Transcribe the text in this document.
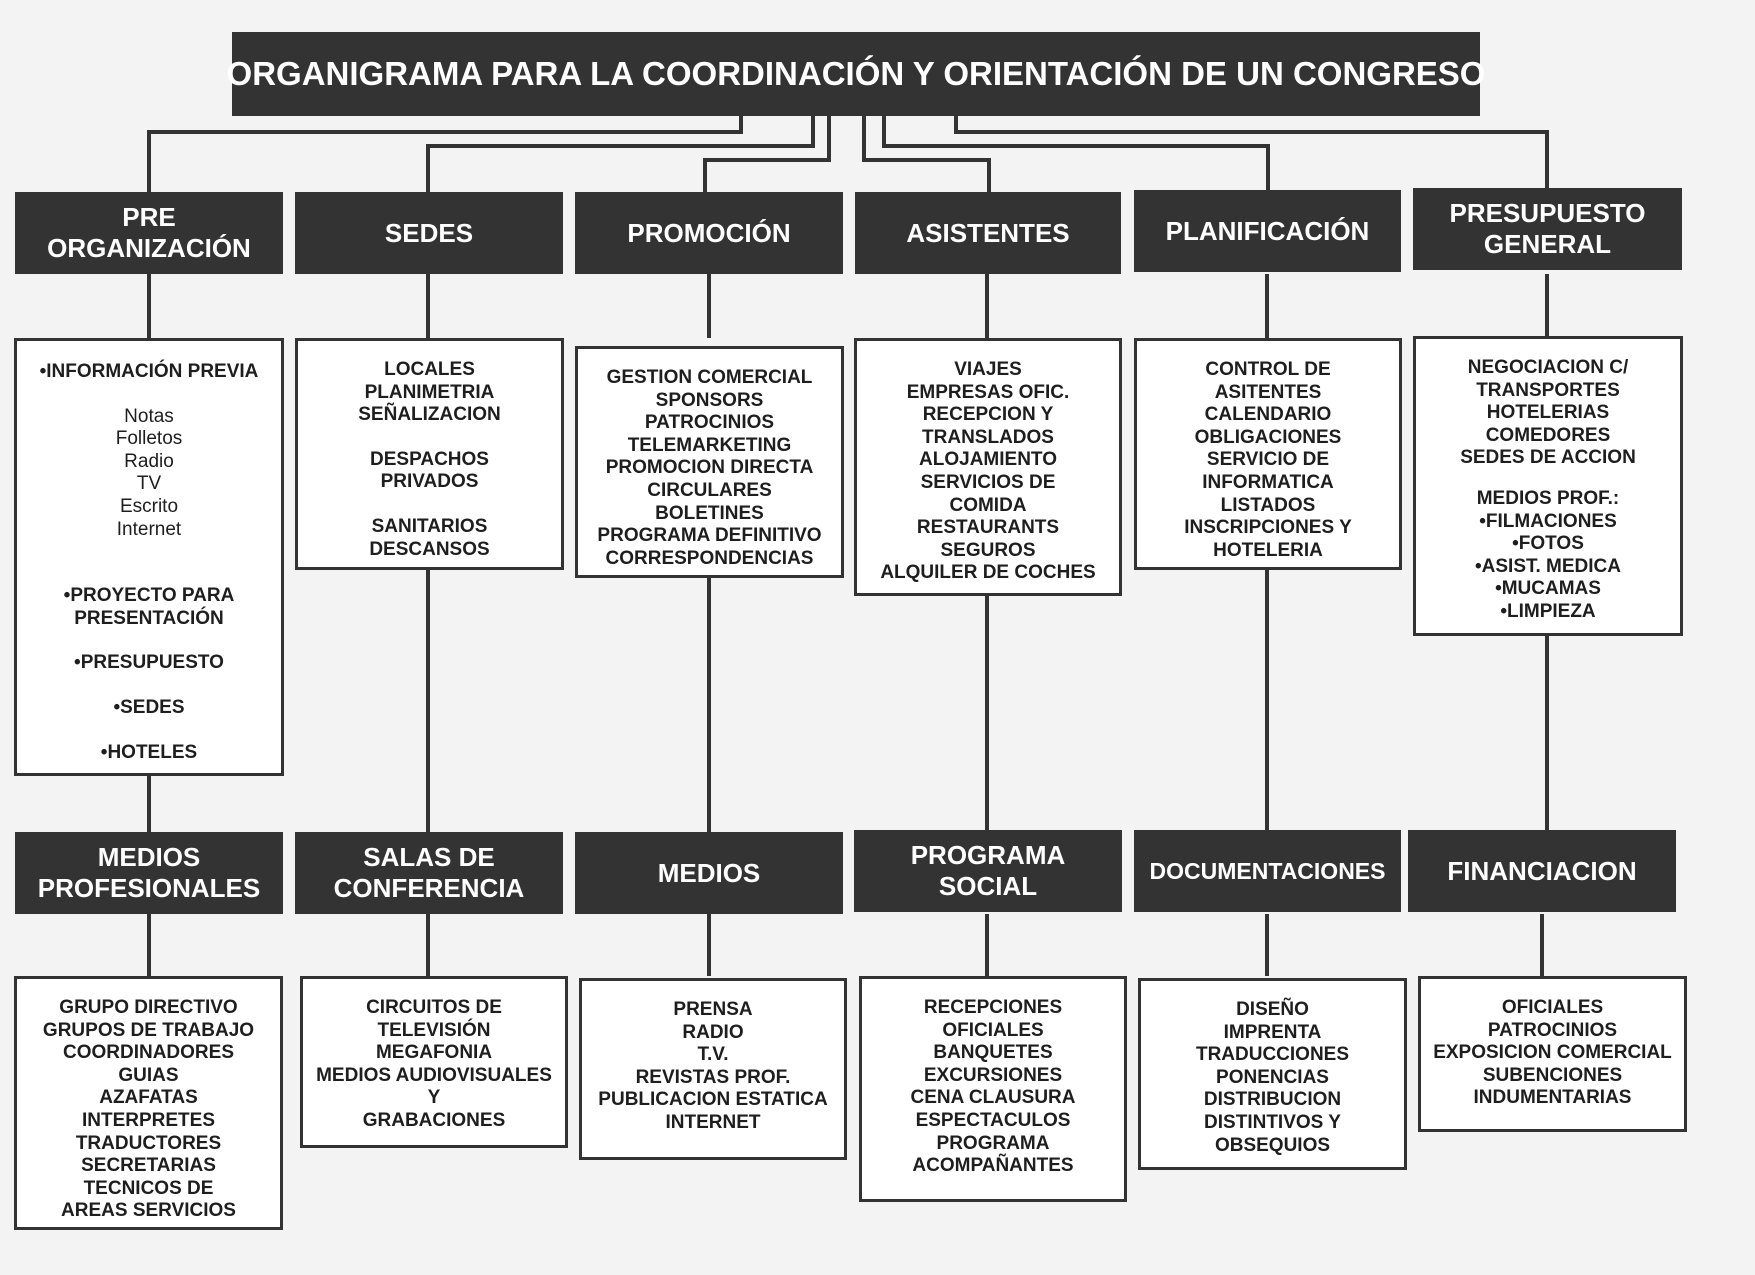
ORGANIGRAMA PARA LA COORDINACIÓN Y ORIENTACIÓN DE UN CONGRESO
PRE
ORGANIZACIÓN
SEDES	PROMOCIÓN	ASISTENTES	PLANIFICACIÓN
PRESUPUESTO
GENERAL
•INFORMACIÓN PREVIA
Notas
Folletos
Radio
TV
Escrito
Internet
•PROYECTO PARA
PRESENTACIÓN
•PRESUPUESTO
•SEDES
•HOTELES
LOCALES
PLANIMETRIA
SEÑALIZACION
DESPACHOS
PRIVADOS
SANITARIOS
DESCANSOS
GESTION COMERCIAL
SPONSORS
PATROCINIOS
TELEMARKETING
PROMOCION DIRECTA
CIRCULARES
BOLETINES
PROGRAMA DEFINITIVO
CORRESPONDENCIAS
VIAJES
EMPRESAS OFIC.
RECEPCION Y
TRANSLADOS
ALOJAMIENTO
SERVICIOS DE
COMIDA
RESTAURANTS
SEGUROS
ALQUILER DE COCHES
CONTROL DE
ASITENTES
CALENDARIO
OBLIGACIONES
SERVICIO DE
INFORMATICA
LISTADOS
INSCRIPCIONES Y
HOTELERIA
NEGOCIACION C/
TRANSPORTES
HOTELERIAS
COMEDORES
SEDES DE ACCION
MEDIOS PROF.:
•FILMACIONES
•FOTOS
•ASIST. MEDICA
•MUCAMAS
•LIMPIEZA
MEDIOS
PROFESIONALES
SALAS DE
CONFERENCIA
MEDIOS
PROGRAMA
SOCIAL
DOCUMENTACIONES FINANCIACION
GRUPO DIRECTIVO
GRUPOS DE TRABAJO
COORDINADORES
GUIAS
AZAFATAS
INTERPRETES
TRADUCTORES
SECRETARIAS
TECNICOS DE
AREAS SERVICIOS
CIRCUITOS DE
TELEVISIÓN
MEGAFONIA
MEDIOS AUDIOVISUALES
Y
GRABACIONES
PRENSA
RADIO
T.V.
REVISTAS PROF.
PUBLICACION ESTATICA
INTERNET
RECEPCIONES
OFICIALES
BANQUETES
EXCURSIONES
CENA CLAUSURA
ESPECTACULOS
PROGRAMA
ACOMPAÑANTES
DISEÑO
IMPRENTA
TRADUCCIONES
PONENCIAS
DISTRIBUCION
DISTINTIVOS Y
OBSEQUIOS
OFICIALES
PATROCINIOS
EXPOSICION COMERCIAL
SUBENCIONES
INDUMENTARIAS
